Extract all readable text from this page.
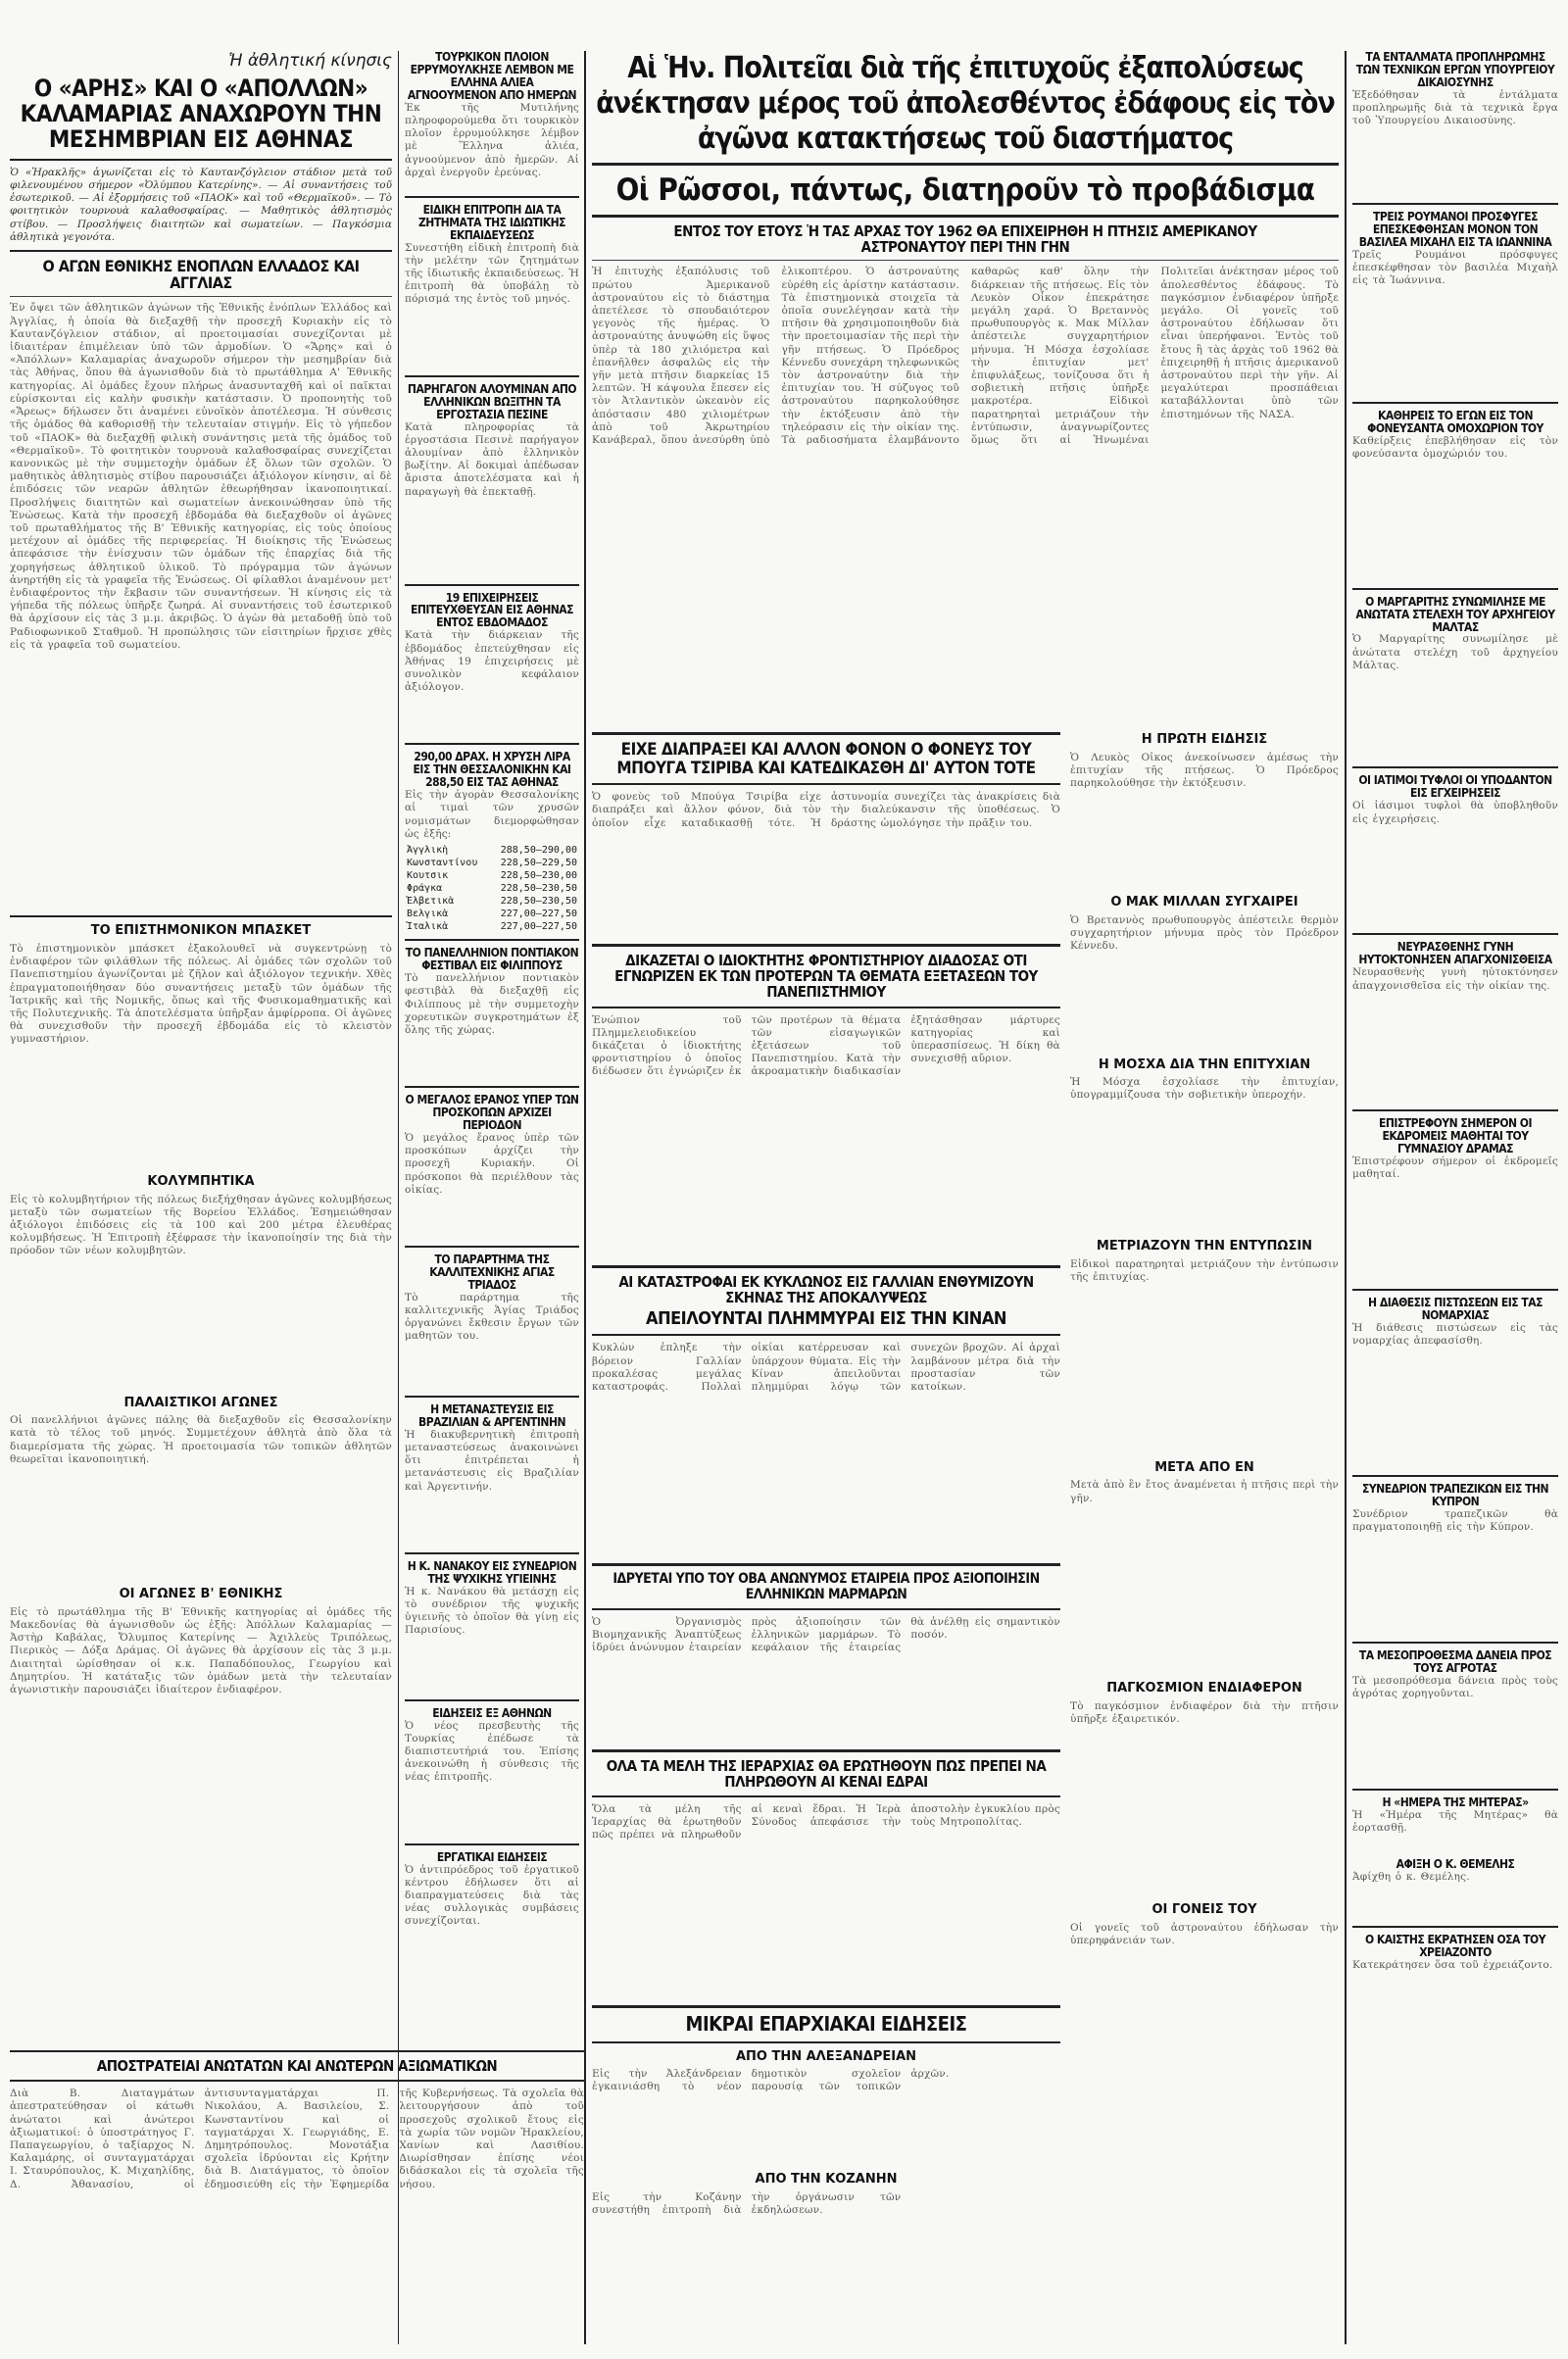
Ἡ ἀθλητική κίνησις
Ο «ΑΡΗΣ» ΚΑΙ Ο «ΑΠΟΛΛΩΝ» ΚΑΛΑΜΑΡΙΑΣ ΑΝΑΧΩΡΟΥΝ ΤΗΝ ΜΕΣΗΜΒΡΙΑΝ ΕΙΣ ΑΘΗΝΑΣ

Ὁ «Ἡρακλῆς» ἀγωνίζεται εἰς τὸ Καυτανζόγλειον στάδιον μετὰ τοῦ φιλενουμένου σήμερον «Ὀλύμπου Κατερίνης». — Αἱ συναντήσεις τοῦ ἐσωτερικοῦ. — Αἱ ἐξορμήσεις τοῦ «ΠΑΟΚ» καὶ τοῦ «Θερμαϊκοῦ». — Τὸ φοιτητικὸν τουρνουὰ καλαθοσφαίρας. — Μαθητικὸς ἀθλητισμὸς στίβου. — Προσλήψεις διαιτητῶν καὶ σωματείων. — Παγκόσμια ἀθλητικὰ γεγονότα.

Ο ΑΓΩΝ ΕΘΝΙΚΗΣ ΕΝΟΠΛΩΝ ΕΛΛΑΔΟΣ ΚΑΙ ΑΓΓΛΙΑΣ
Ἐν ὄψει τῶν ἀθλητικῶν ἀγώνων τῆς Ἐθνικῆς ἐνόπλων Ἑλλάδος καὶ Ἀγγλίας, ἡ ὁποία θὰ διεξαχθῇ τὴν προσεχῆ Κυριακὴν εἰς τὸ Καυτανζόγλειον στάδιον, αἱ προετοιμασίαι συνεχίζονται μὲ ἰδιαιτέραν ἐπιμέλειαν ὑπὸ τῶν ἁρμοδίων. Ὁ «Ἄρης» καὶ ὁ «Ἀπόλλων» Καλαμαρίας ἀναχωροῦν σήμερον τὴν μεσημβρίαν διὰ τὰς Ἀθήνας, ὅπου θὰ ἀγωνισθοῦν διὰ τὸ πρωτάθλημα Α' Ἐθνικῆς κατηγορίας. Αἱ ὁμάδες ἔχουν πλήρως ἀνασυνταχθῆ καὶ οἱ παῖκται εὑρίσκονται εἰς καλὴν φυσικὴν κατάστασιν. Ὁ προπονητὴς τοῦ «Ἄρεως» δήλωσεν ὅτι ἀναμένει εὐνοϊκὸν ἀποτέλεσμα. Ἡ σύνθεσις τῆς ὁμάδος θὰ καθορισθῇ τὴν τελευταίαν στιγμήν. Εἰς τὸ γήπεδον τοῦ «ΠΑΟΚ» θὰ διεξαχθῇ φιλικὴ συνάντησις μετὰ τῆς ὁμάδος τοῦ «Θερμαϊκοῦ». Τὸ φοιτητικὸν τουρνουὰ καλαθοσφαίρας συνεχίζεται κανονικῶς μὲ τὴν συμμετοχὴν ὁμάδων ἐξ ὅλων τῶν σχολῶν. Ὁ μαθητικὸς ἀθλητισμὸς στίβου παρουσιάζει ἀξιόλογον κίνησιν, αἱ δὲ ἐπιδόσεις τῶν νεαρῶν ἀθλητῶν ἐθεωρήθησαν ἱκανοποιητικαί. Προσλήψεις διαιτητῶν καὶ σωματείων ἀνεκοινώθησαν ὑπὸ τῆς Ἑνώσεως. Κατὰ τὴν προσεχῆ ἑβδομάδα θὰ διεξαχθοῦν οἱ ἀγῶνες τοῦ πρωταθλήματος τῆς Β' Ἐθνικῆς κατηγορίας, εἰς τοὺς ὁποίους μετέχουν αἱ ὁμάδες τῆς περιφερείας. Ἡ διοίκησις τῆς Ἑνώσεως ἀπεφάσισε τὴν ἐνίσχυσιν τῶν ὁμάδων τῆς ἐπαρχίας διὰ τῆς χορηγήσεως ἀθλητικοῦ ὑλικοῦ. Τὸ πρόγραμμα τῶν ἀγώνων ἀνηρτήθη εἰς τὰ γραφεῖα τῆς Ἑνώσεως. Οἱ φίλαθλοι ἀναμένουν μετ' ἐνδιαφέροντος τὴν ἔκβασιν τῶν συναντήσεων. Ἡ κίνησις εἰς τὰ γήπεδα τῆς πόλεως ὑπῆρξε ζωηρά. Αἱ συναντήσεις τοῦ ἐσωτερικοῦ θὰ ἀρχίσουν εἰς τὰς 3 μ.μ. ἀκριβῶς. Ὁ ἀγὼν θὰ μεταδοθῇ ὑπὸ τοῦ Ραδιοφωνικοῦ Σταθμοῦ. Ἡ προπώλησις τῶν εἰσιτηρίων ἤρχισε χθὲς εἰς τὰ γραφεῖα τοῦ σωματείου.
ΤΟ ΕΠΙΣΤΗΜΟΝΙΚΟΝ ΜΠΑΣΚΕΤ
Τὸ ἐπιστημονικὸν μπάσκετ ἐξακολουθεῖ νὰ συγκεντρώνῃ τὸ ἐνδιαφέρον τῶν φιλάθλων τῆς πόλεως. Αἱ ὁμάδες τῶν σχολῶν τοῦ Πανεπιστημίου ἀγωνίζονται μὲ ζῆλον καὶ ἀξιόλογον τεχνικήν. Χθὲς ἐπραγματοποιήθησαν δύο συναντήσεις μεταξὺ τῶν ὁμάδων τῆς Ἰατρικῆς καὶ τῆς Νομικῆς, ὅπως καὶ τῆς Φυσικομαθηματικῆς καὶ τῆς Πολυτεχνικῆς. Τὰ ἀποτελέσματα ὑπῆρξαν ἀμφίρροπα. Οἱ ἀγῶνες θὰ συνεχισθοῦν τὴν προσεχῆ ἑβδομάδα εἰς τὸ κλειστὸν γυμναστήριον.
ΚΟΛΥΜΠΗΤΙΚΑ
Εἰς τὸ κολυμβητήριον τῆς πόλεως διεξήχθησαν ἀγῶνες κολυμβήσεως μεταξὺ τῶν σωματείων τῆς Βορείου Ἑλλάδος. Ἐσημειώθησαν ἀξιόλογοι ἐπιδόσεις εἰς τὰ 100 καὶ 200 μέτρα ἐλευθέρας κολυμβήσεως. Ἡ Ἐπιτροπὴ ἐξέφρασε τὴν ἱκανοποίησίν της διὰ τὴν πρόοδον τῶν νέων κολυμβητῶν.
ΠΑΛΑΙΣΤΙΚΟΙ ΑΓΩΝΕΣ
Οἱ πανελλήνιοι ἀγῶνες πάλης θὰ διεξαχθοῦν εἰς Θεσσαλονίκην κατὰ τὸ τέλος τοῦ μηνός. Συμμετέχουν ἀθλητὰ ἀπὸ ὅλα τὰ διαμερίσματα τῆς χώρας. Ἡ προετοιμασία τῶν τοπικῶν ἀθλητῶν θεωρεῖται ἱκανοποιητική.
ΟΙ ΑΓΩΝΕΣ Β' ΕΘΝΙΚΗΣ
Εἰς τὸ πρωτάθλημα τῆς Β' Ἐθνικῆς κατηγορίας αἱ ὁμάδες τῆς Μακεδονίας θὰ ἀγωνισθοῦν ὡς ἑξῆς: Ἀπόλλων Καλαμαρίας — Ἀστὴρ Καβάλας, Ὄλυμπος Κατερίνης — Ἀχιλλεὺς Τριπόλεως, Πιερικὸς — Δόξα Δράμας. Οἱ ἀγῶνες θὰ ἀρχίσουν εἰς τὰς 3 μ.μ. Διαιτηταὶ ὡρίσθησαν οἱ κ.κ. Παπαδόπουλος, Γεωργίου καὶ Δημητρίου. Ἡ κατάταξις τῶν ὁμάδων μετὰ τὴν τελευταίαν ἀγωνιστικὴν παρουσιάζει ἰδιαίτερον ἐνδιαφέρον.
ΑΠΟΣΤΡΑΤΕΙΑΙ ΑΝΩΤΑΤΩΝ ΚΑΙ ΑΝΩΤΕΡΩΝ ΑΞΙΩΜΑΤΙΚΩΝ
Διὰ Β. Διαταγμάτων ἀπεστρατεύθησαν οἱ κάτωθι ἀνώτατοι καὶ ἀνώτεροι ἀξιωματικοί: ὁ ὑποστράτηγος Γ. Παπαγεωργίου, ὁ ταξίαρχος Ν. Καλαμάρης, οἱ συνταγματάρχαι Ι. Σταυρόπουλος, Κ. Μιχαηλίδης, Δ. Ἀθανασίου, οἱ ἀντισυνταγματάρχαι Π. Νικολάου, Α. Βασιλείου, Σ. Κωνσταντίνου καὶ οἱ ταγματάρχαι Χ. Γεωργιάδης, Ε. Δημητρόπουλος. Μονοτάξια σχολεῖα ἱδρύονται εἰς Κρήτην διὰ Β. Διατάγματος, τὸ ὁποῖον ἐδημοσιεύθη εἰς τὴν Ἐφημερίδα τῆς Κυβερνήσεως. Τὰ σχολεῖα θὰ λειτουργήσουν ἀπὸ τοῦ προσεχοῦς σχολικοῦ ἔτους εἰς τὰ χωρία τῶν νομῶν Ἡρακλείου, Χανίων καὶ Λασιθίου. Διωρίσθησαν ἐπίσης νέοι διδάσκαλοι εἰς τὰ σχολεῖα τῆς νήσου.
ΤΟΥΡΚΙΚΟΝ ΠΛΟΙΟΝ ΕΡΡΥΜΟΥΛΚΗΣΕ ΛΕΜΒΟΝ ΜΕ ΕΛΛΗΝΑ ΑΛΙΕΑ ΑΓΝΟΟΥΜΕΝΟΝ ΑΠΟ ΗΜΕΡΩΝ
Ἐκ τῆς Μυτιλήνης πληροφορούμεθα ὅτι τουρκικὸν πλοῖον ἐρρυμούλκησε λέμβον μὲ Ἕλληνα ἁλιέα, ἀγνοούμενον ἀπὸ ἡμερῶν. Αἱ ἀρχαὶ ἐνεργοῦν ἐρεύνας.
ΕΙΔΙΚΗ ΕΠΙΤΡΟΠΗ ΔΙΑ ΤΑ ΖΗΤΗΜΑΤΑ ΤΗΣ ΙΔΙΩΤΙΚΗΣ ΕΚΠΑΙΔΕΥΣΕΩΣ
Συνεστήθη εἰδικὴ ἐπιτροπὴ διὰ τὴν μελέτην τῶν ζητημάτων τῆς ἰδιωτικῆς ἐκπαιδεύσεως. Ἡ ἐπιτροπὴ θὰ ὑποβάλῃ τὸ πόρισμά της ἐντὸς τοῦ μηνός.
ΠΑΡΗΓΑΓΟΝ ΑΛΟΥΜΙΝΑΝ ΑΠΟ ΕΛΛΗΝΙΚΩΝ ΒΩΞΙΤΗΝ ΤΑ ΕΡΓΟΣΤΑΣΙΑ ΠΕΣΙΝΕ
Κατὰ πληροφορίας τὰ ἐργοστάσια Πεσινὲ παρήγαγον ἀλουμίναν ἀπὸ ἑλληνικὸν βωξίτην. Αἱ δοκιμαὶ ἀπέδωσαν ἄριστα ἀποτελέσματα καὶ ἡ παραγωγὴ θὰ ἐπεκταθῇ.
19 ΕΠΙΧΕΙΡΗΣΕΙΣ ΕΠΙΤΕΥΧΘΕΥΣΑΝ ΕΙΣ ΑΘΗΝΑΣ ΕΝΤΟΣ ΕΒΔΟΜΑΔΟΣ
Κατὰ τὴν διάρκειαν τῆς ἑβδομάδος ἐπετεύχθησαν εἰς Ἀθήνας 19 ἐπιχειρήσεις μὲ συνολικὸν κεφάλαιον ἀξιόλογον.
290,00 ΔΡΑΧ. Η ΧΡΥΣΗ ΛΙΡΑ ΕΙΣ ΤΗΝ ΘΕΣΣΑΛΟΝΙΚΗΝ ΚΑΙ 288,50 ΕΙΣ ΤΑΣ ΑΘΗΝΑΣ
Εἰς τὴν ἀγορὰν Θεσσαλονίκης αἱ τιμαὶ τῶν χρυσῶν νομισμάτων διεμορφώθησαν ὡς ἑξῆς:
Ἀγγλικὴ	288,50—290,00
Κωνσταντίνου	228,50—229,50
Κουτσικ	228,50—230,00
Φράγκα	228,50—230,50
Ἑλβετικὰ	228,50—230,50
Βελγικὰ	227,00—227,50
Ἰταλικὰ	227,00—227,50
ΤΟ ΠΑΝΕΛΛΗΝΙΟΝ ΠΟΝΤΙΑΚΟΝ ΦΕΣΤΙΒΑΛ ΕΙΣ ΦΙΛΙΠΠΟΥΣ
Τὸ πανελλήνιον ποντιακὸν φεστιβὰλ θὰ διεξαχθῇ εἰς Φιλίππους μὲ τὴν συμμετοχὴν χορευτικῶν συγκροτημάτων ἐξ ὅλης τῆς χώρας.
Ο ΜΕΓΑΛΟΣ ΕΡΑΝΟΣ ΥΠΕΡ ΤΩΝ ΠΡΟΣΚΟΠΩΝ ΑΡΧΙΖΕΙ ΠΕΡΙΟΔΟΝ
Ὁ μεγάλος ἔρανος ὑπὲρ τῶν προσκόπων ἀρχίζει τὴν προσεχῆ Κυριακήν. Οἱ πρόσκοποι θὰ περιέλθουν τὰς οἰκίας.
ΤΟ ΠΑΡΑΡΤΗΜΑ ΤΗΣ ΚΑΛΛΙΤΕΧΝΙΚΗΣ ΑΓΙΑΣ ΤΡΙΑΔΟΣ
Τὸ παράρτημα τῆς καλλιτεχνικῆς Ἁγίας Τριάδος ὀργανώνει ἔκθεσιν ἔργων τῶν μαθητῶν του.
Η ΜΕΤΑΝΑΣΤΕΥΣΙΣ ΕΙΣ ΒΡΑΖΙΛΙΑΝ & ΑΡΓΕΝΤΙΝΗΝ
Ἡ διακυβερνητικὴ ἐπιτροπὴ μεταναστεύσεως ἀνακοινώνει ὅτι ἐπιτρέπεται ἡ μετανάστευσις εἰς Βραζιλίαν καὶ Ἀργεντινήν.
Η Κ. ΝΑΝΑΚΟΥ ΕΙΣ ΣΥΝΕΔΡΙΟΝ ΤΗΣ ΨΥΧΙΚΗΣ ΥΓΙΕΙΝΗΣ
Ἡ κ. Νανάκου θὰ μετάσχῃ εἰς τὸ συνέδριον τῆς ψυχικῆς ὑγιεινῆς τὸ ὁποῖον θὰ γίνῃ εἰς Παρισίους.
ΕΙΔΗΣΕΙΣ ΕΞ ΑΘΗΝΩΝ
Ὁ νέος πρεσβευτὴς τῆς Τουρκίας ἐπέδωσε τὰ διαπιστευτήριά του. Ἐπίσης ἀνεκοινώθη ἡ σύνθεσις τῆς νέας ἐπιτροπῆς.
ΕΡΓΑΤΙΚΑΙ ΕΙΔΗΣΕΙΣ
Ὁ ἀντιπρόεδρος τοῦ ἐργατικοῦ κέντρου ἐδήλωσεν ὅτι αἱ διαπραγματεύσεις διὰ τὰς νέας συλλογικὰς συμβάσεις συνεχίζονται.
Αἱ Ἡν. Πολιτεῖαι διὰ τῆς ἐπιτυχοῦς ἐξαπολύσεως ἀνέκτησαν μέρος τοῦ ἀπολεσθέντος ἐδάφους εἰς τὸν ἀγῶνα κατακτήσεως τοῦ διαστήματος
Οἱ Ρῶσσοι, πάντως, διατηροῦν τὸ προβάδισμα
ΕΝΤΟΣ ΤΟΥ ΕΤΟΥΣ Ἡ ΤΑΣ ΑΡΧΑΣ ΤΟΥ 1962 ΘΑ ΕΠΙΧΕΙΡΗΘΗ Η ΠΤΗΣΙΣ ΑΜΕΡΙΚΑΝΟΥ ΑΣΤΡΟΝΑΥΤΟΥ ΠΕΡΙ ΤΗΝ ΓΗΝ
Ἡ ἐπιτυχὴς ἐξαπόλυσις τοῦ πρώτου Ἀμερικανοῦ ἀστροναύτου εἰς τὸ διάστημα ἀπετέλεσε τὸ σπουδαιότερον γεγονὸς τῆς ἡμέρας. Ὁ ἀστροναύτης ἀνυψώθη εἰς ὕψος ὑπὲρ τὰ 180 χιλιόμετρα καὶ ἐπανῆλθεν ἀσφαλῶς εἰς τὴν γῆν μετὰ πτῆσιν διαρκείας 15 λεπτῶν. Ἡ κάψουλα ἔπεσεν εἰς τὸν Ἀτλαντικὸν ὠκεανὸν εἰς ἀπόστασιν 480 χιλιομέτρων ἀπὸ τοῦ Ἀκρωτηρίου Κανάβεραλ, ὅπου ἀνεσύρθη ὑπὸ ἑλικοπτέρου. Ὁ ἀστροναύτης εὑρέθη εἰς ἀρίστην κατάστασιν. Τὰ ἐπιστημονικὰ στοιχεῖα τὰ ὁποῖα συνελέγησαν κατὰ τὴν πτῆσιν θὰ χρησιμοποιηθοῦν διὰ τὴν προετοιμασίαν τῆς περὶ τὴν γῆν πτήσεως. Ὁ Πρόεδρος Κέννεδυ συνεχάρη τηλεφωνικῶς τὸν ἀστροναύτην διὰ τὴν ἐπιτυχίαν του. Ἡ σύζυγος τοῦ ἀστροναύτου παρηκολούθησε τὴν ἐκτόξευσιν ἀπὸ τὴν τηλεόρασιν εἰς τὴν οἰκίαν της. Τὰ ραδιοσήματα ἐλαμβάνοντο καθαρῶς καθ' ὅλην τὴν διάρκειαν τῆς πτήσεως. Εἰς τὸν Λευκὸν Οἶκον ἐπεκράτησε μεγάλη χαρά. Ὁ Βρεταννὸς πρωθυπουργὸς κ. Μακ Μίλλαν ἀπέστειλε συγχαρητήριον μήνυμα. Ἡ Μόσχα ἐσχολίασε τὴν ἐπιτυχίαν μετ' ἐπιφυλάξεως, τονίζουσα ὅτι ἡ σοβιετικὴ πτῆσις ὑπῆρξε μακροτέρα. Εἰδικοὶ παρατηρηταὶ μετριάζουν τὴν ἐντύπωσιν, ἀναγνωρίζοντες ὅμως ὅτι αἱ Ἡνωμέναι Πολιτεῖαι ἀνέκτησαν μέρος τοῦ ἀπολεσθέντος ἐδάφους. Τὸ παγκόσμιον ἐνδιαφέρον ὑπῆρξε μεγάλο. Οἱ γονεῖς τοῦ ἀστροναύτου ἐδήλωσαν ὅτι εἶναι ὑπερήφανοι. Ἐντὸς τοῦ ἔτους ἢ τὰς ἀρχὰς τοῦ 1962 θὰ ἐπιχειρηθῇ ἡ πτῆσις ἀμερικανοῦ ἀστροναύτου περὶ τὴν γῆν. Αἱ μεγαλύτεραι προσπάθειαι καταβάλλονται ὑπὸ τῶν ἐπιστημόνων τῆς ΝΑΣΑ.
ΕΙΧΕ ΔΙΑΠΡΑΞΕΙ ΚΑΙ ΑΛΛΟΝ ΦΟΝΟΝ Ο ΦΟΝΕΥΣ ΤΟΥ ΜΠΟΥΓΑ ΤΣΙΡΙΒΑ ΚΑΙ ΚΑΤΕΔΙΚΑΣΘΗ ΔΙ' ΑΥΤΟΝ ΤΟΤΕ
Ὁ φονεὺς τοῦ Μπούγα Τσιρίβα εἶχε διαπράξει καὶ ἄλλον φόνον, διὰ τὸν ὁποῖον εἶχε καταδικασθῇ τότε. Ἡ ἀστυνομία συνεχίζει τὰς ἀνακρίσεις διὰ τὴν διαλεύκανσιν τῆς ὑποθέσεως. Ὁ δράστης ὡμολόγησε τὴν πρᾶξιν του.
ΔΙΚΑΖΕΤΑΙ Ο ΙΔΙΟΚΤΗΤΗΣ ΦΡΟΝΤΙΣΤΗΡΙΟΥ ΔΙΑΔΟΣΑΣ ΟΤΙ ΕΓΝΩΡΙΖΕΝ ΕΚ ΤΩΝ ΠΡΟΤΕΡΩΝ ΤΑ ΘΕΜΑΤΑ ΕΞΕΤΑΣΕΩΝ ΤΟΥ ΠΑΝΕΠΙΣΤΗΜΙΟΥ
Ἐνώπιον τοῦ Πλημμελειοδικείου δικάζεται ὁ ἰδιοκτήτης φροντιστηρίου ὁ ὁποῖος διέδωσεν ὅτι ἐγνώριζεν ἐκ τῶν προτέρων τὰ θέματα τῶν εἰσαγωγικῶν ἐξετάσεων τοῦ Πανεπιστημίου. Κατὰ τὴν ἀκροαματικὴν διαδικασίαν ἐξητάσθησαν μάρτυρες κατηγορίας καὶ ὑπερασπίσεως. Ἡ δίκη θὰ συνεχισθῇ αὔριον.
ΑΙ ΚΑΤΑΣΤΡΟΦΑΙ ΕΚ ΚΥΚΛΩΝΟΣ ΕΙΣ ΓΑΛΛΙΑΝ ΕΝΘΥΜΙΖΟΥΝ ΣΚΗΝΑΣ ΤΗΣ ΑΠΟΚΑΛΥΨΕΩΣ
ΑΠΕΙΛΟΥΝΤΑΙ ΠΛΗΜΜΥΡΑΙ ΕΙΣ ΤΗΝ ΚΙΝΑΝ
Κυκλὼν ἐπληξε τὴν βόρειον Γαλλίαν προκαλέσας μεγάλας καταστροφάς. Πολλαὶ οἰκίαι κατέρρευσαν καὶ ὑπάρχουν θύματα. Εἰς τὴν Κίναν ἀπειλοῦνται πλημμύραι λόγῳ τῶν συνεχῶν βροχῶν. Αἱ ἀρχαὶ λαμβάνουν μέτρα διὰ τὴν προστασίαν τῶν κατοίκων.
ΙΔΡΥΕΤΑΙ ΥΠΟ ΤΟΥ ΟΒΑ ΑΝΩΝΥΜΟΣ ΕΤΑΙΡΕΙΑ ΠΡΟΣ ΑΞΙΟΠΟΙΗΣΙΝ ΕΛΛΗΝΙΚΩΝ ΜΑΡΜΑΡΩΝ
Ὁ Ὀργανισμὸς Βιομηχανικῆς Ἀναπτύξεως ἱδρύει ἀνώνυμον ἑταιρείαν πρὸς ἀξιοποίησιν τῶν ἑλληνικῶν μαρμάρων. Τὸ κεφάλαιον τῆς ἑταιρείας θὰ ἀνέλθῃ εἰς σημαντικὸν ποσόν.
ΟΛΑ ΤΑ ΜΕΛΗ ΤΗΣ ΙΕΡΑΡΧΙΑΣ ΘΑ ΕΡΩΤΗΘΟΥΝ ΠΩΣ ΠΡΕΠΕΙ ΝΑ ΠΛΗΡΩΘΟΥΝ ΑΙ ΚΕΝΑΙ ΕΔΡΑΙ
Ὅλα τὰ μέλη τῆς Ἱεραρχίας θὰ ἐρωτηθοῦν πῶς πρέπει νὰ πληρωθοῦν αἱ κεναὶ ἕδραι. Ἡ Ἱερὰ Σύνοδος ἀπεφάσισε τὴν ἀποστολὴν ἐγκυκλίου πρὸς τοὺς Μητροπολίτας.
ΜΙΚΡΑΙ ΕΠΑΡΧΙΑΚΑΙ ΕΙΔΗΣΕΙΣ
ΑΠΟ ΤΗΝ ΑΛΕΞΑΝΔΡΕΙΑΝ
Εἰς τὴν Ἀλεξάνδρειαν ἐγκαινιάσθη τὸ νέον δημοτικὸν σχολεῖον παρουσίᾳ τῶν τοπικῶν ἀρχῶν.
ΑΠΟ ΤΗΝ ΚΟΖΑΝΗΝ
Εἰς τὴν Κοζάνην συνεστήθη ἐπιτροπὴ διὰ τὴν ὀργάνωσιν τῶν ἐκδηλώσεων.
Η ΠΡΩΤΗ ΕΙΔΗΣΙΣ
Ὁ Λευκὸς Οἶκος ἀνεκοίνωσεν ἀμέσως τὴν ἐπιτυχίαν τῆς πτήσεως. Ὁ Πρόεδρος παρηκολούθησε τὴν ἐκτόξευσιν.
Ο ΜΑΚ ΜΙΛΛΑΝ ΣΥΓΧΑΙΡΕΙ
Ὁ Βρεταννὸς πρωθυπουργὸς ἀπέστειλε θερμὸν συγχαρητήριον μήνυμα πρὸς τὸν Πρόεδρον Κέννεδυ.
Η ΜΟΣΧΑ ΔΙΑ ΤΗΝ ΕΠΙΤΥΧΙΑΝ
Ἡ Μόσχα ἐσχολίασε τὴν ἐπιτυχίαν, ὑπογραμμίζουσα τὴν σοβιετικὴν ὑπεροχήν.
ΜΕΤΡΙΑΖΟΥΝ ΤΗΝ ΕΝΤΥΠΩΣΙΝ
Εἰδικοὶ παρατηρηταὶ μετριάζουν τὴν ἐντύπωσιν τῆς ἐπιτυχίας.
ΜΕΤΑ ΑΠΟ ΕΝ
Μετὰ ἀπὸ ἓν ἔτος ἀναμένεται ἡ πτῆσις περὶ τὴν γῆν.
ΠΑΓΚΟΣΜΙΟΝ ΕΝΔΙΑΦΕΡΟΝ
Τὸ παγκόσμιον ἐνδιαφέρον διὰ τὴν πτῆσιν ὑπῆρξε ἐξαιρετικόν.
ΟΙ ΓΟΝΕΙΣ ΤΟΥ
Οἱ γονεῖς τοῦ ἀστροναύτου ἐδήλωσαν τὴν ὑπερηφάνειάν των.
ΤΑ ΕΝΤΑΛΜΑΤΑ ΠΡΟΠΛΗΡΩΜΗΣ ΤΩΝ ΤΕΧΝΙΚΩΝ ΕΡΓΩΝ ΥΠΟΥΡΓΕΙΟΥ ΔΙΚΑΙΟΣΥΝΗΣ
Ἐξεδόθησαν τὰ ἐντάλματα προπληρωμῆς διὰ τὰ τεχνικὰ ἔργα τοῦ Ὑπουργείου Δικαιοσύνης.
ΤΡΕΙΣ ΡΟΥΜΑΝΟΙ ΠΡΟΣΦΥΓΕΣ ΕΠΕΣΚΕΦΘΗΣΑΝ ΜΟΝΟΝ ΤΟΝ ΒΑΣΙΛΕΑ ΜΙΧΑΗΛ ΕΙΣ ΤΑ ΙΩΑΝΝΙΝΑ
Τρεῖς Ρουμάνοι πρόσφυγες ἐπεσκέφθησαν τὸν βασιλέα Μιχαὴλ εἰς τὰ Ἰωάννινα.
ΚΑΘΗΡΕΙΣ ΤΟ ΕΓΩΝ ΕΙΣ ΤΟΝ ΦΟΝΕΥΣΑΝΤΑ ΟΜΟΧΩΡΙΟΝ ΤΟΥ
Καθείρξεις ἐπεβλήθησαν εἰς τὸν φονεύσαντα ὁμοχώριόν του.
Ο ΜΑΡΓΑΡΙΤΗΣ ΣΥΝΩΜΙΛΗΣΕ ΜΕ ΑΝΩΤΑΤΑ ΣΤΕΛΕΧΗ ΤΟΥ ΑΡΧΗΓΕΙΟΥ ΜΑΛΤΑΣ
Ὁ Μαργαρίτης συνωμίλησε μὲ ἀνώτατα στελέχη τοῦ ἀρχηγείου Μάλτας.
ΟΙ ΙΑΤΙΜΟΙ ΤΥΦΛΟΙ ΟΙ ΥΠΟΔΑΝΤΟΝ ΕΙΣ ΕΓΧΕΙΡΗΣΕΙΣ
Οἱ ἰάσιμοι τυφλοὶ θὰ ὑποβληθοῦν εἰς ἐγχειρήσεις.
ΝΕΥΡΑΣΘΕΝΗΣ ΓΥΝΗ ΗΥΤΟΚΤΟΝΗΣΕΝ ΑΠΑΓΧΟΝΙΣΘΕΙΣΑ
Νευρασθενὴς γυνὴ ηὐτοκτόνησεν ἀπαγχονισθεῖσα εἰς τὴν οἰκίαν της.
ΕΠΙΣΤΡΕΦΟΥΝ ΣΗΜΕΡΟΝ ΟΙ ΕΚΔΡΟΜΕΙΣ ΜΑΘΗΤΑΙ ΤΟΥ ΓΥΜΝΑΣΙΟΥ ΔΡΑΜΑΣ
Ἐπιστρέφουν σήμερον οἱ ἐκδρομεῖς μαθηταί.
Η ΔΙΑΘΕΣΙΣ ΠΙΣΤΩΣΕΩΝ ΕΙΣ ΤΑΣ ΝΟΜΑΡΧΙΑΣ
Ἡ διάθεσις πιστώσεων εἰς τὰς νομαρχίας ἀπεφασίσθη.
ΣΥΝΕΔΡΙΟΝ ΤΡΑΠΕΖΙΚΩΝ ΕΙΣ ΤΗΝ ΚΥΠΡΟΝ
Συνέδριον τραπεζικῶν θὰ πραγματοποιηθῇ εἰς τὴν Κύπρον.
ΤΑ ΜΕΣΟΠΡΟΘΕΣΜΑ ΔΑΝΕΙΑ ΠΡΟΣ ΤΟΥΣ ΑΓΡΟΤΑΣ
Τὰ μεσοπρόθεσμα δάνεια πρὸς τοὺς ἀγρότας χορηγοῦνται.
Η «ΗΜΕΡΑ ΤΗΣ ΜΗΤΕΡΑΣ»
Ἡ «Ἡμέρα τῆς Μητέρας» θὰ ἑορτασθῇ.
ΑΦΙΞΗ Ο Κ. ΘΕΜΕΛΗΣ
Ἀφίχθη ὁ κ. Θεμέλης.
Ο ΚΑΙΣΤΗΣ ΕΚΡΑΤΗΣΕΝ ΟΣΑ ΤΟΥ ΧΡΕΙΑΖΟΝΤΟ
Κατεκράτησεν ὅσα τοῦ ἐχρειάζοντο.
